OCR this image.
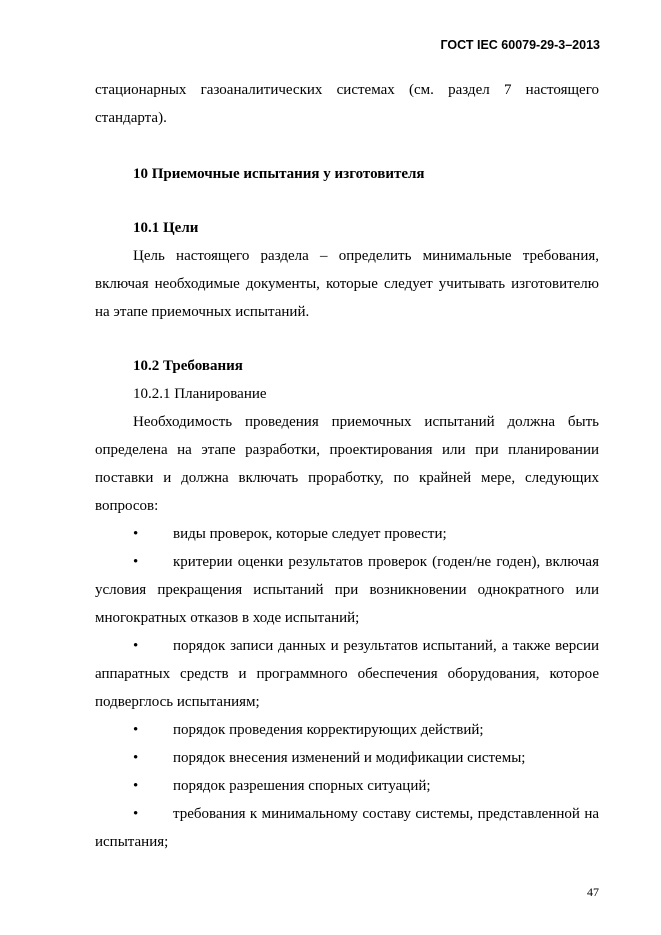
ГОСТ IEC 60079-29-3–2013

стационарных газоаналитических системах (см. раздел 7 настоящего стандарта).

10 Приемочные испытания у изготовителя

10.1 Цели

Цель настоящего раздела – определить минимальные требования, включая необходимые документы, которые следует учитывать изготовителю на этапе приемочных испытаний.

10.2 Требования

10.2.1 Планирование

Необходимость проведения приемочных испытаний должна быть определена на этапе разработки, проектирования или при планировании поставки и должна включать проработку, по крайней мере, следующих вопросов:

• виды проверок, которые следует провести;

• критерии оценки результатов проверок (годен/не годен), включая условия прекращения испытаний при возникновении однократного или многократных отказов в ходе испытаний;

• порядок записи данных и результатов испытаний, а также версии аппаратных средств и программного обеспечения оборудования, которое подверглось испытаниям;

• порядок проведения корректирующих действий;

• порядок внесения изменений и модификации системы;

• порядок разрешения спорных ситуаций;

• требования к минимальному составу системы, представленной на испытания;

47
